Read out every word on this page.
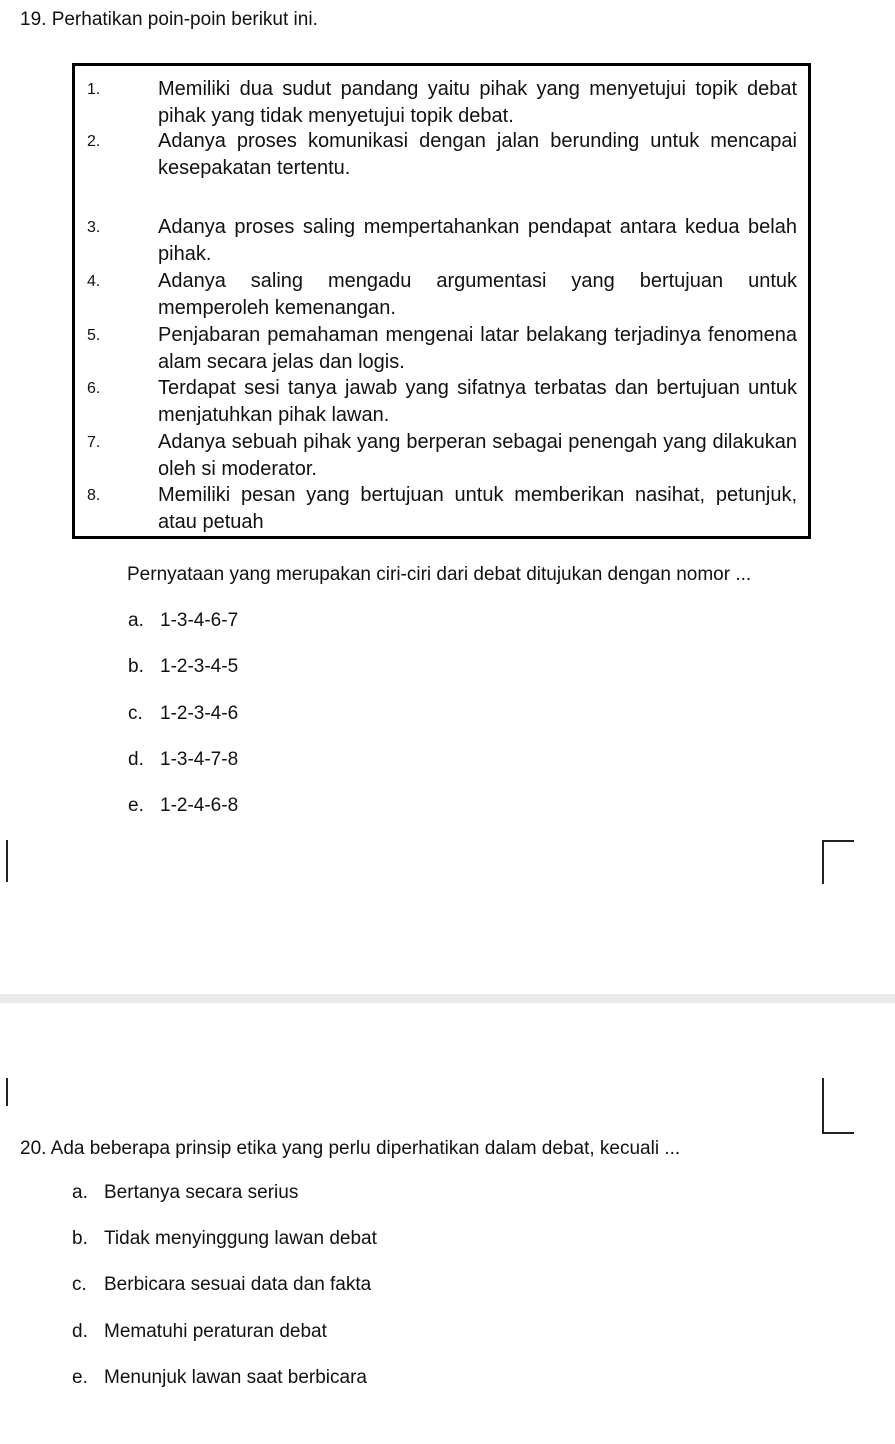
19. Perhatikan poin-poin berikut ini.
1.	Memiliki dua sudut pandang yaitu pihak yang menyetujui topik debat pihak yang tidak menyetujui topik debat.
2.	Adanya proses komunikasi dengan jalan berunding untuk mencapai kesepakatan tertentu.
3.	Adanya proses saling mempertahankan pendapat antara kedua belah pihak.
4.	Adanya saling mengadu argumentasi yang bertujuan untuk memperoleh kemenangan.
5.	Penjabaran pemahaman mengenai latar belakang terjadinya fenomena alam secara jelas dan logis.
6.	Terdapat sesi tanya jawab yang sifatnya terbatas dan bertujuan untuk menjatuhkan pihak lawan.
7.	Adanya sebuah pihak yang berperan sebagai penengah yang dilakukan oleh si moderator.
8.	Memiliki pesan yang bertujuan untuk memberikan nasihat, petunjuk, atau petuah
Pernyataan yang merupakan ciri-ciri dari debat ditujukan dengan nomor ...
a. 1-3-4-6-7
b. 1-2-3-4-5
c. 1-2-3-4-6
d. 1-3-4-7-8
e. 1-2-4-6-8
20. Ada beberapa prinsip etika yang perlu diperhatikan dalam debat, kecuali ...
a. Bertanya secara serius
b. Tidak menyinggung lawan debat
c. Berbicara sesuai data dan fakta
d. Mematuhi peraturan debat
e. Menunjuk lawan saat berbicara
